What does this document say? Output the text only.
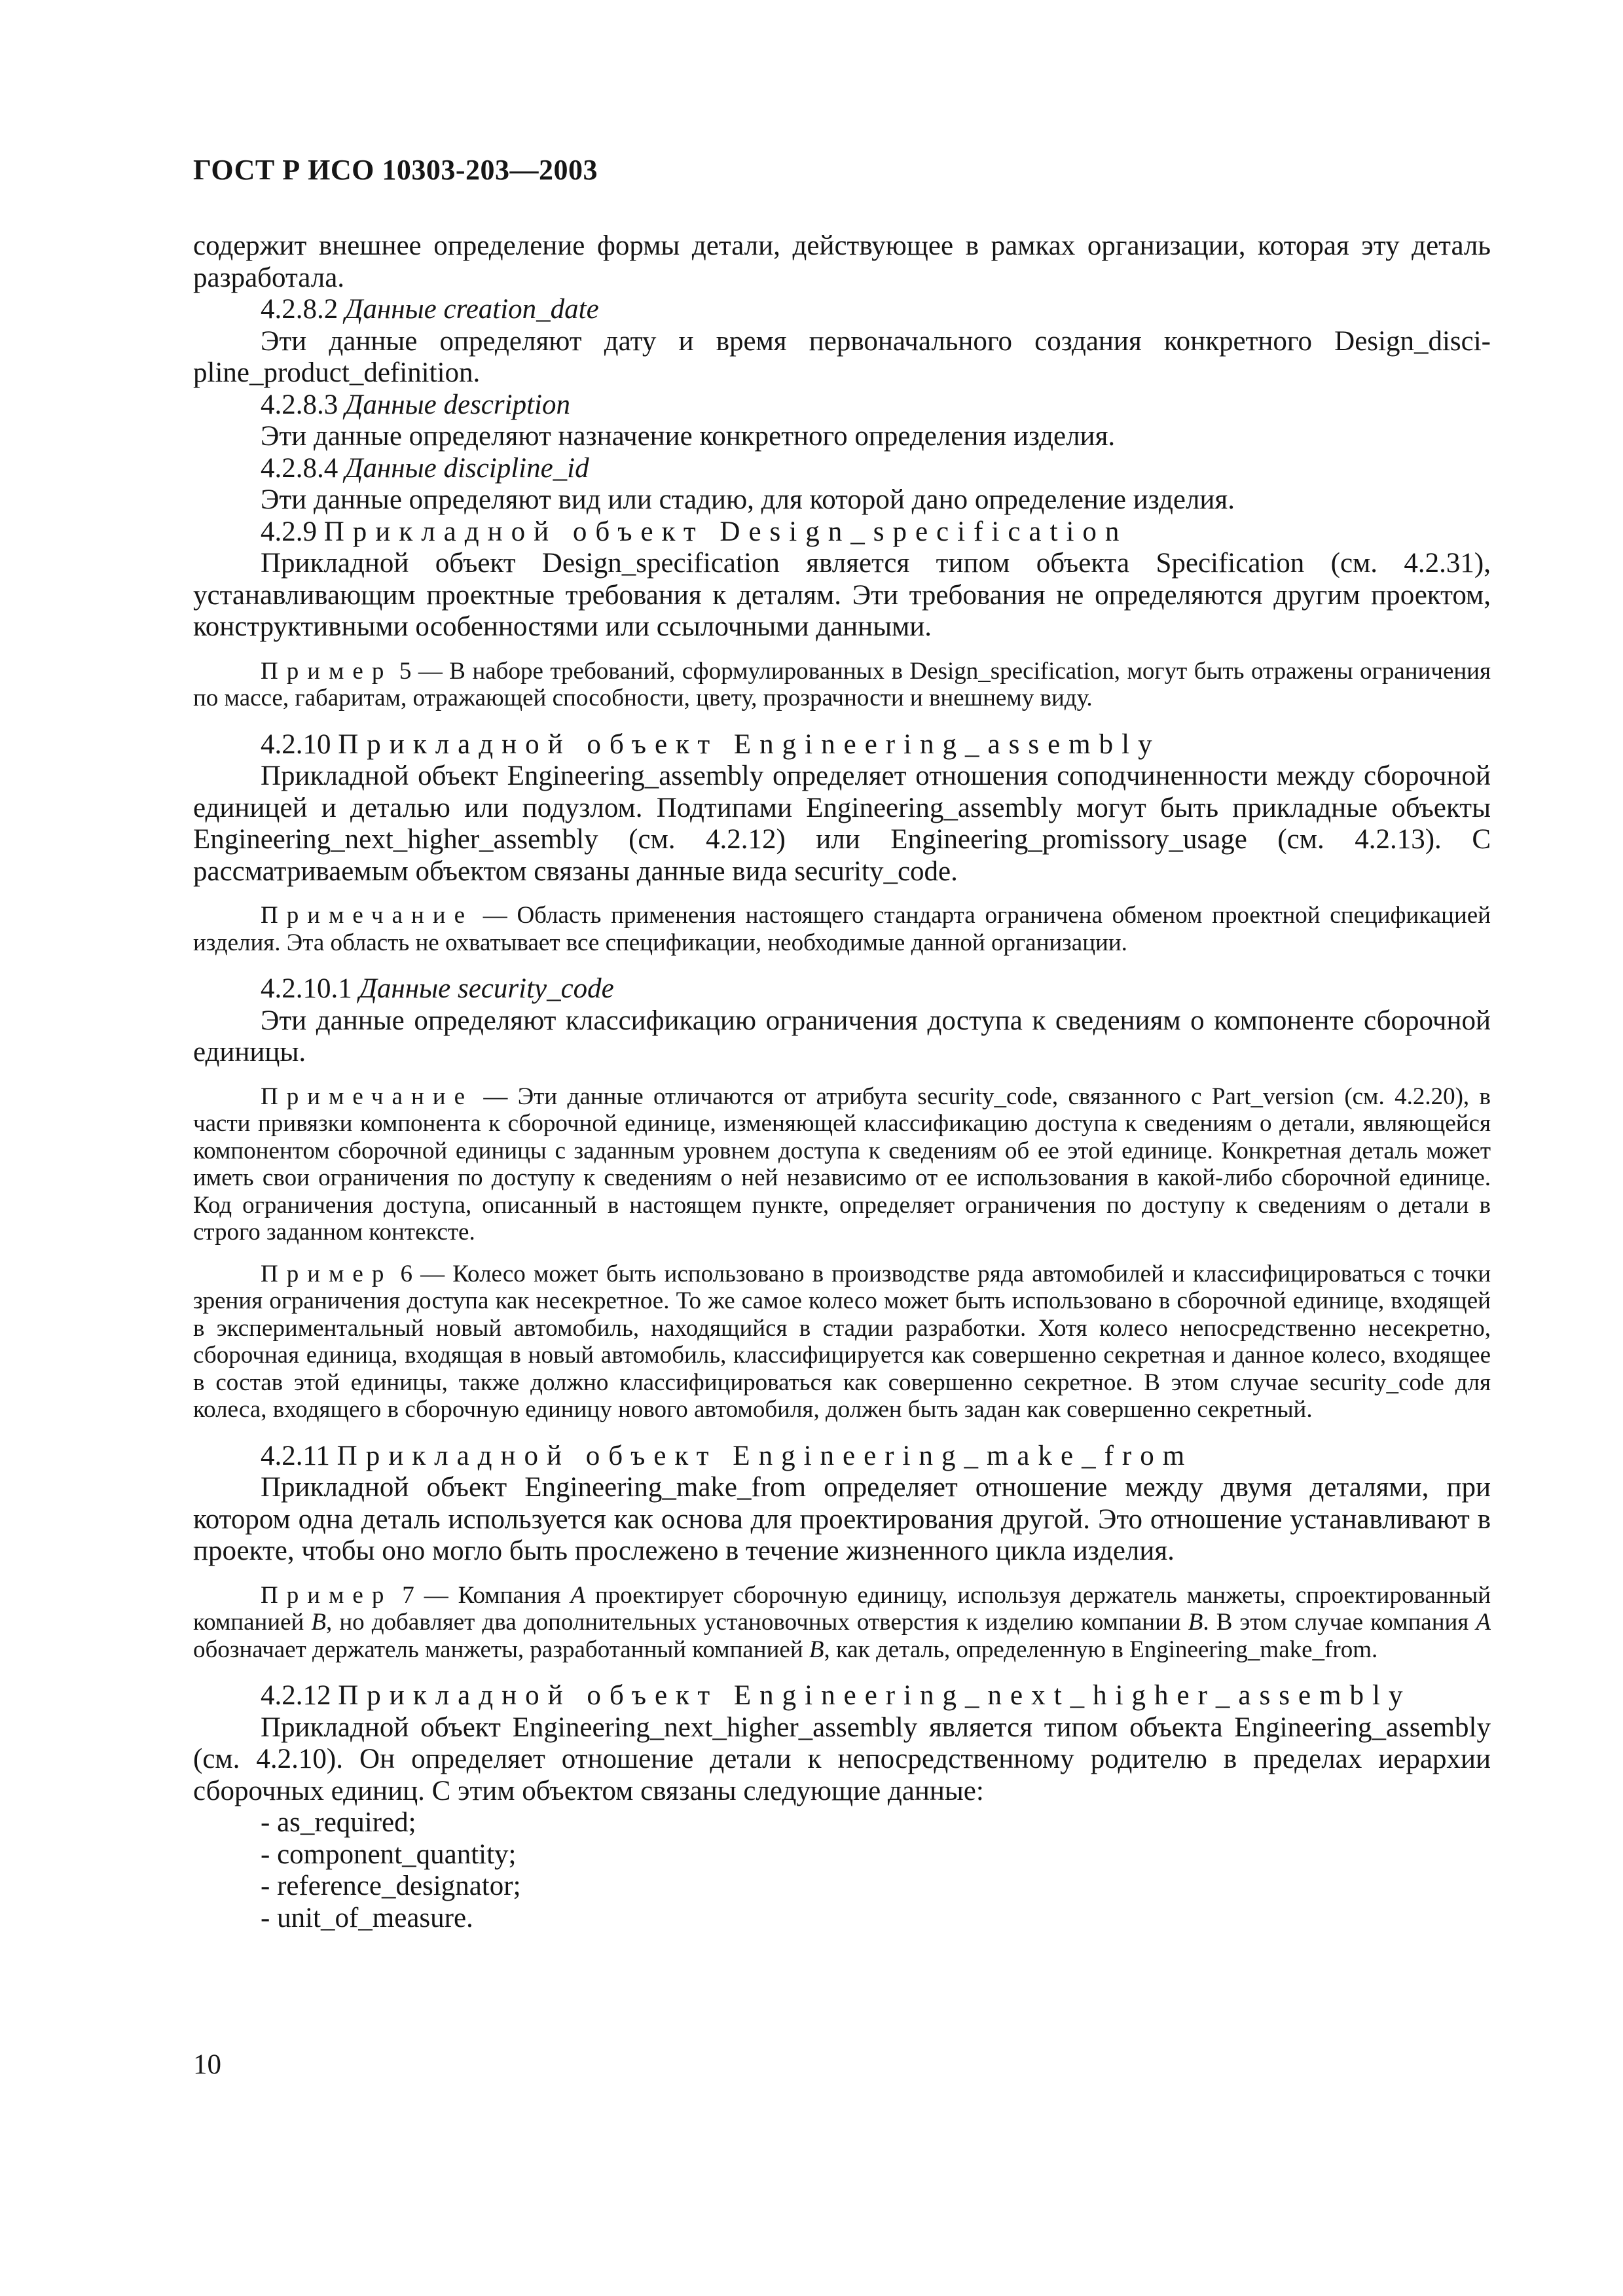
ГОСТ Р ИСО 10303-203—2003

содержит внешнее определение формы детали, действующее в рамках организации, которая эту деталь разработала.

4.2.8.2 Данные creation_date

Эти данные определяют дату и время первоначального создания конкретного Design_disci-pline_product_definition.

4.2.8.3 Данные description

Эти данные определяют назначение конкретного определения изделия.

4.2.8.4 Данные discipline_id

Эти данные определяют вид или стадию, для которой дано определение изделия.

4.2.9 Прикладной объект Design_specification

Прикладной объект Design_specification является типом объекта Specification (см. 4.2.31), устанавливающим проектные требования к деталям. Эти требования не определяются другим проектом, конструктивными особенностями или ссылочными данными.

Пример 5 — В наборе требований, сформулированных в Design_specification, могут быть отражены ограничения по массе, габаритам, отражающей способности, цвету, прозрачности и внешнему виду.

4.2.10 Прикладной объект Engineering_assembly

Прикладной объект Engineering_assembly определяет отношения соподчиненности между сборочной единицей и деталью или подузлом. Подтипами Engineering_assembly могут быть прикладные объекты Engineering_next_higher_assembly (см. 4.2.12) или Engineering_promissory_usage (см. 4.2.13). С рассматриваемым объектом связаны данные вида security_code.

Примечание — Область применения настоящего стандарта ограничена обменом проектной спецификацией изделия. Эта область не охватывает все спецификации, необходимые данной организации.

4.2.10.1 Данные security_code

Эти данные определяют классификацию ограничения доступа к сведениям о компоненте сборочной единицы.

Примечание — Эти данные отличаются от атрибута security_code, связанного с Part_version (см. 4.2.20), в части привязки компонента к сборочной единице, изменяющей классификацию доступа к сведениям о детали, являющейся компонентом сборочной единицы с заданным уровнем доступа к сведениям об ее этой единице. Конкретная деталь может иметь свои ограничения по доступу к сведениям о ней независимо от ее использования в какой-либо сборочной единице. Код ограничения доступа, описанный в настоящем пункте, определяет ограничения по доступу к сведениям о детали в строго заданном контексте.

Пример 6 — Колесо может быть использовано в производстве ряда автомобилей и классифицироваться с точки зрения ограничения доступа как несекретное. То же самое колесо может быть использовано в сборочной единице, входящей в экспериментальный новый автомобиль, находящийся в стадии разработки. Хотя колесо непосредственно несекретно, сборочная единица, входящая в новый автомобиль, классифицируется как совершенно секретная и данное колесо, входящее в состав этой единицы, также должно классифицироваться как совершенно секретное. В этом случае security_code для колеса, входящего в сборочную единицу нового автомобиля, должен быть задан как совершенно секретный.

4.2.11 Прикладной объект Engineering_make_from

Прикладной объект Engineering_make_from определяет отношение между двумя деталями, при котором одна деталь используется как основа для проектирования другой. Это отношение устанавливают в проекте, чтобы оно могло быть прослежено в течение жизненного цикла изделия.

Пример 7 — Компания A проектирует сборочную единицу, используя держатель манжеты, спроектированный компанией B, но добавляет два дополнительных установочных отверстия к изделию компании B. В этом случае компания A обозначает держатель манжеты, разработанный компанией B, как деталь, определенную в Engineering_make_from.

4.2.12 Прикладной объект Engineering_next_higher_assembly

Прикладной объект Engineering_next_higher_assembly является типом объекта Engineering_assembly (см. 4.2.10). Он определяет отношение детали к непосредственному родителю в пределах иерархии сборочных единиц. С этим объектом связаны следующие данные:

- as_required;

- component_quantity;

- reference_designator;

- unit_of_measure.

10
